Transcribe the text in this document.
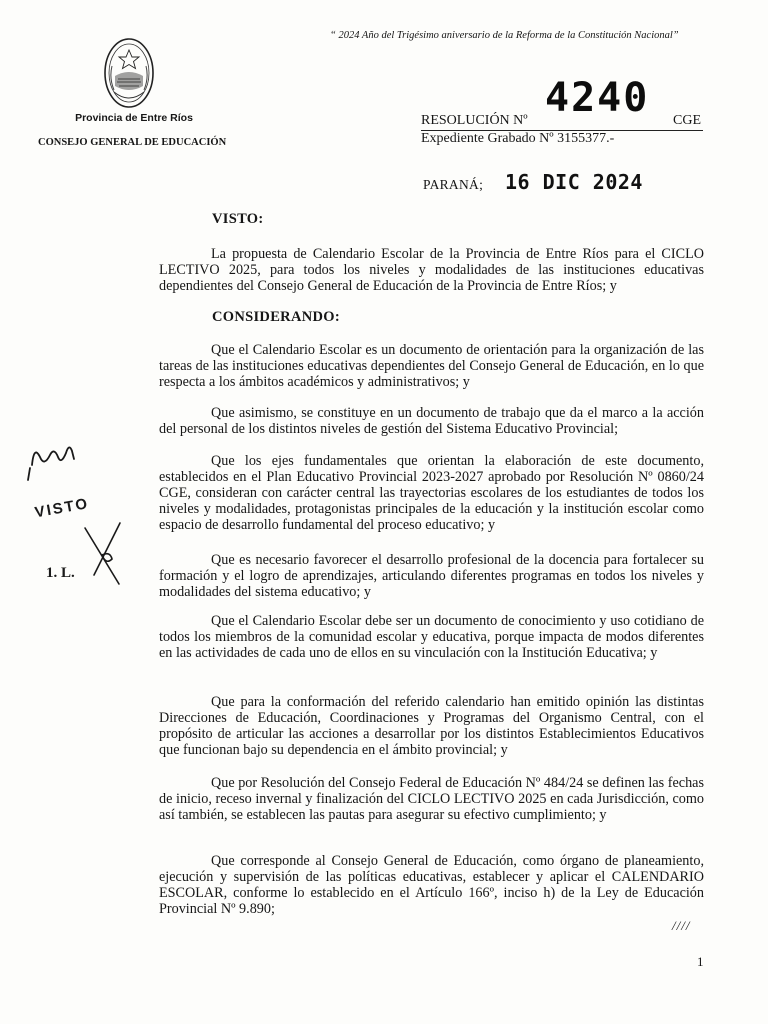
“ 2024 Año del Trigésimo aniversario de la Reforma de la Constitución Nacional”
Provincia de Entre Ríos
CONSEJO GENERAL DE EDUCACIÓN
4240
RESOLUCIÓN Nº	CGE
Expediente Grabado Nº 3155377.-
PARANÁ; 16 DIC 2024
VISTO:
La propuesta de Calendario Escolar de la Provincia de Entre Ríos para el CICLO LECTIVO 2025, para todos los niveles y modalidades de las instituciones educativas dependientes del Consejo General de Educación de la Provincia de Entre Ríos; y
CONSIDERANDO:
Que el Calendario Escolar es un documento de orientación para la organización de las tareas de las instituciones educativas dependientes del Consejo General de Educación, en lo que respecta a los ámbitos académicos y administrativos; y
Que asimismo, se constituye en un documento de trabajo que da el marco a la acción del personal de los distintos niveles de gestión del Sistema Educativo Provincial;
Que los ejes fundamentales que orientan la elaboración de este documento, establecidos en el Plan Educativo Provincial 2023-2027 aprobado por Resolución Nº 0860/24 CGE, consideran con carácter central las trayectorias escolares de los estudiantes de todos los niveles y modalidades, protagonistas principales de la educación y la institución escolar como espacio de desarrollo fundamental del proceso educativo; y
Que es necesario favorecer el desarrollo profesional de la docencia para fortalecer su formación y el logro de aprendizajes, articulando diferentes programas en todos los niveles y modalidades del sistema educativo; y
Que el Calendario Escolar debe ser un documento de conocimiento y uso cotidiano de todos los miembros de la comunidad escolar y educativa, porque impacta de modos diferentes en las actividades de cada uno de ellos en su vinculación con la Institución Educativa; y
Que para la conformación del referido calendario han emitido opinión las distintas Direcciones de Educación, Coordinaciones y Programas del Organismo Central, con el propósito de articular las acciones a desarrollar por los distintos Establecimientos Educativos que funcionan bajo su dependencia en el ámbito provincial; y
Que por Resolución del Consejo Federal de Educación Nº 484/24 se definen las fechas de inicio, receso invernal y finalización del CICLO LECTIVO 2025 en cada Jurisdicción, como así también, se establecen las pautas para asegurar su efectivo cumplimiento; y
Que corresponde al Consejo General de Educación, como órgano de planeamiento, ejecución y supervisión de las políticas educativas, establecer y aplicar el CALENDARIO ESCOLAR, conforme lo establecido en el Artículo 166º, inciso h) de la Ley de Educación Provincial Nº 9.890;
VISTO
1. L.
////
1
